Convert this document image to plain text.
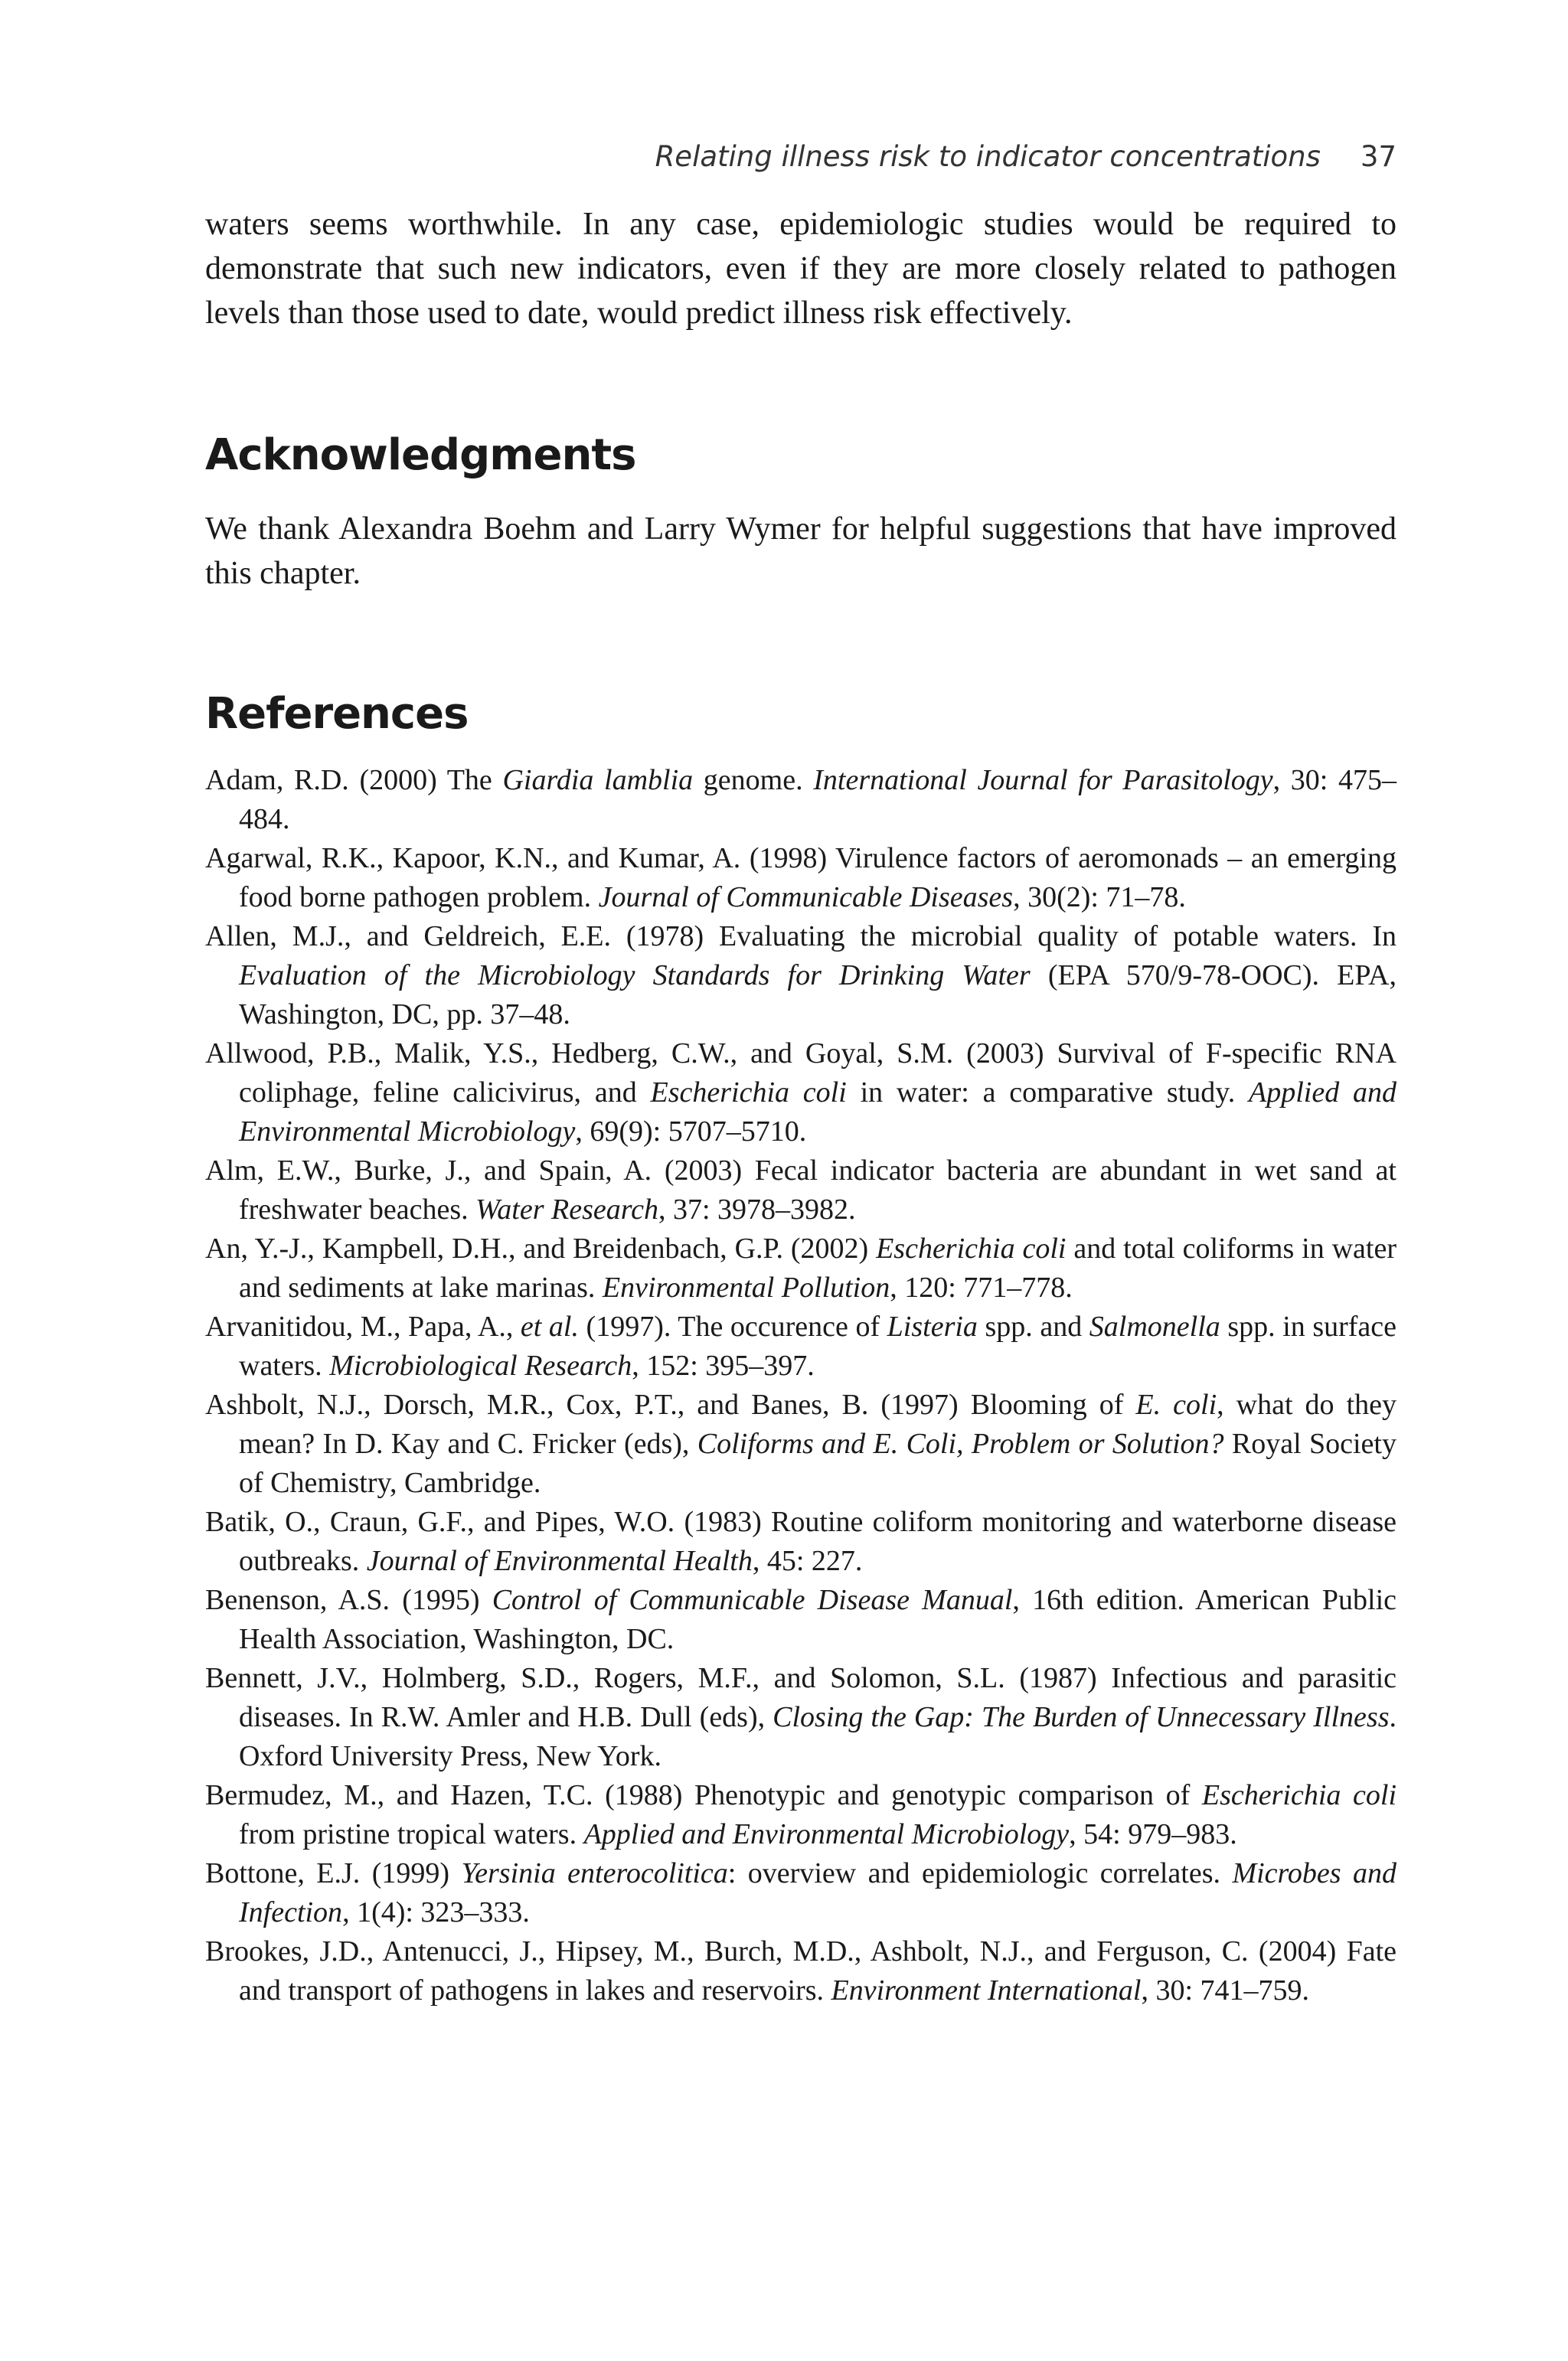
Relating illness risk to indicator concentrations 37

waters seems worthwhile. In any case, epidemiologic studies would be required to demonstrate that such new indicators, even if they are more closely related to pathogen levels than those used to date, would predict illness risk effectively.

Acknowledgments

We thank Alexandra Boehm and Larry Wymer for helpful suggestions that have improved this chapter.

References
Adam, R.D. (2000) The Giardia lamblia genome. International Journal for Parasitology, 30: 475–484.
Agarwal, R.K., Kapoor, K.N., and Kumar, A. (1998) Virulence factors of aeromonads – an emerging food borne pathogen problem. Journal of Communicable Diseases, 30(2): 71–78.
Allen, M.J., and Geldreich, E.E. (1978) Evaluating the microbial quality of potable waters. In Evaluation of the Microbiology Standards for Drinking Water (EPA 570/9-78-OOC). EPA, Washington, DC, pp. 37–48.
Allwood, P.B., Malik, Y.S., Hedberg, C.W., and Goyal, S.M. (2003) Survival of F-specific RNA coliphage, feline calicivirus, and Escherichia coli in water: a comparative study. Applied and Environmental Microbiology, 69(9): 5707–5710.
Alm, E.W., Burke, J., and Spain, A. (2003) Fecal indicator bacteria are abundant in wet sand at freshwater beaches. Water Research, 37: 3978–3982.
An, Y.-J., Kampbell, D.H., and Breidenbach, G.P. (2002) Escherichia coli and total coliforms in water and sediments at lake marinas. Environmental Pollution, 120: 771–778.
Arvanitidou, M., Papa, A., et al. (1997). The occurence of Listeria spp. and Salmonella spp. in surface waters. Microbiological Research, 152: 395–397.
Ashbolt, N.J., Dorsch, M.R., Cox, P.T., and Banes, B. (1997) Blooming of E. coli, what do they mean? In D. Kay and C. Fricker (eds), Coliforms and E. Coli, Problem or Solution? Royal Society of Chemistry, Cambridge.
Batik, O., Craun, G.F., and Pipes, W.O. (1983) Routine coliform monitoring and waterborne disease outbreaks. Journal of Environmental Health, 45: 227.
Benenson, A.S. (1995) Control of Communicable Disease Manual, 16th edition. American Public Health Association, Washington, DC.
Bennett, J.V., Holmberg, S.D., Rogers, M.F., and Solomon, S.L. (1987) Infectious and parasitic diseases. In R.W. Amler and H.B. Dull (eds), Closing the Gap: The Burden of Unnecessary Illness. Oxford University Press, New York.
Bermudez, M., and Hazen, T.C. (1988) Phenotypic and genotypic comparison of Escherichia coli from pristine tropical waters. Applied and Environmental Microbiology, 54: 979–983.
Bottone, E.J. (1999) Yersinia enterocolitica: overview and epidemiologic correlates. Microbes and Infection, 1(4): 323–333.
Brookes, J.D., Antenucci, J., Hipsey, M., Burch, M.D., Ashbolt, N.J., and Ferguson, C. (2004) Fate and transport of pathogens in lakes and reservoirs. Environment International, 30: 741–759.
